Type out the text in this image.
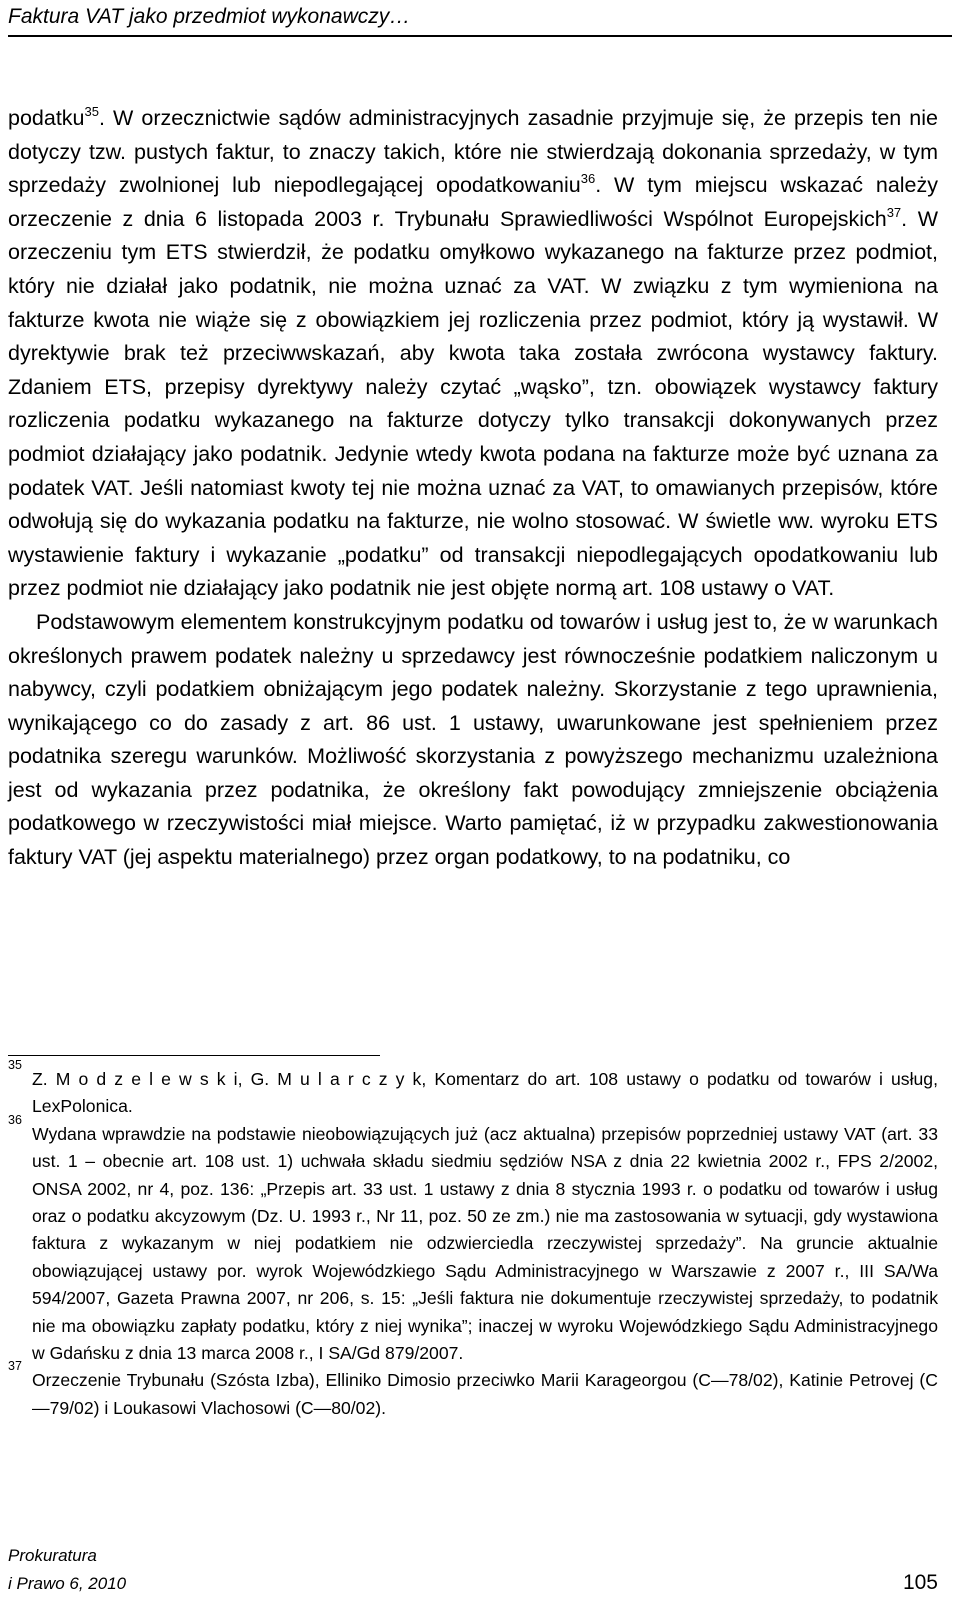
Faktura VAT jako przedmiot wykonawczy…

podatku$^{35}$. W orzecznictwie sądów administracyjnych zasadnie przyjmuje się, że przepis ten nie dotyczy tzw. pustych faktur, to znaczy takich, które nie stwierdzają dokonania sprzedaży, w tym sprzedaży zwolnionej lub niepodlegającej opodatkowaniu$^{36}$. W tym miejscu wskazać należy orzeczenie z dnia 6 listopada 2003 r. Trybunału Sprawiedliwości Wspólnot Europejskich$^{37}$. W orzeczeniu tym ETS stwierdził, że podatku omyłkowo wykazanego na fakturze przez podmiot, który nie działał jako podatnik, nie można uznać za VAT. W związku z tym wymieniona na fakturze kwota nie wiąże się z obowiązkiem jej rozliczenia przez podmiot, który ją wystawił. W dyrektywie brak też przeciwwskazań, aby kwota taka została zwrócona wystawcy faktury. Zdaniem ETS, przepisy dyrektywy należy czytać „wąsko”, tzn. obowiązek wystawcy faktury rozliczenia podatku wykazanego na fakturze dotyczy tylko transakcji dokonywanych przez podmiot działający jako podatnik. Jedynie wtedy kwota podana na fakturze może być uznana za podatek VAT. Jeśli natomiast kwoty tej nie można uznać za VAT, to omawianych przepisów, które odwołują się do wykazania podatku na fakturze, nie wolno stosować. W świetle ww. wyroku ETS wystawienie faktury i wykazanie „podatku” od transakcji niepodlegających opodatkowaniu lub przez podmiot nie działający jako podatnik nie jest objęte normą art. 108 ustawy o VAT.

Podstawowym elementem konstrukcyjnym podatku od towarów i usług jest to, że w warunkach określonych prawem podatek należny u sprzedawcy jest równocześnie podatkiem naliczonym u nabywcy, czyli podatkiem obniżającym jego podatek należny. Skorzystanie z tego uprawnienia, wynikającego co do zasady z art. 86 ust. 1 ustawy, uwarunkowane jest spełnieniem przez podatnika szeregu warunków. Możliwość skorzystania z powyższego mechanizmu uzależniona jest od wykazania przez podatnika, że określony fakt powodujący zmniejszenie obciążenia podatkowego w rzeczywistości miał miejsce. Warto pamiętać, iż w przypadku zakwestionowania faktury VAT (jej aspektu materialnego) przez organ podatkowy, to na podatniku, co

35
Z. M o d z e l e w s k i, G. M u l a r c z y k, Komentarz do art. 108 ustawy o podatku od towarów i usług, LexPolonica.
36
Wydana wprawdzie na podstawie nieobowiązujących już (acz aktualna) przepisów poprzedniej ustawy VAT (art. 33 ust. 1 – obecnie art. 108 ust. 1) uchwała składu siedmiu sędziów NSA z dnia 22 kwietnia 2002 r., FPS 2/2002, ONSA 2002, nr 4, poz. 136: „Przepis art. 33 ust. 1 ustawy z dnia 8 stycznia 1993 r. o podatku od towarów i usług oraz o podatku akcyzowym (Dz. U. 1993 r., Nr 11, poz. 50 ze zm.) nie ma zastosowania w sytuacji, gdy wystawiona faktura z wykazanym w niej podatkiem nie odzwierciedla rzeczywistej sprzedaży”. Na gruncie aktualnie obowiązującej ustawy por. wyrok Wojewódzkiego Sądu Administracyjnego w Warszawie z 2007 r., III SA/Wa 594/2007, Gazeta Prawna 2007, nr 206, s. 15: „Jeśli faktura nie dokumentuje rzeczywistej sprzedaży, to podatnik nie ma obowiązku zapłaty podatku, który z niej wynika”; inaczej w wyroku Wojewódzkiego Sądu Administracyjnego w Gdańsku z dnia 13 marca 2008 r., I SA/Gd 879/2007.
37
Orzeczenie Trybunału (Szósta Izba), Elliniko Dimosio przeciwko Marii Karageorgou (C—78/02), Katinie Petrovej (C—79/02) i Loukasowi Vlachosowi (C—80/02).
Prokuratura
i Prawo 6, 2010	105
